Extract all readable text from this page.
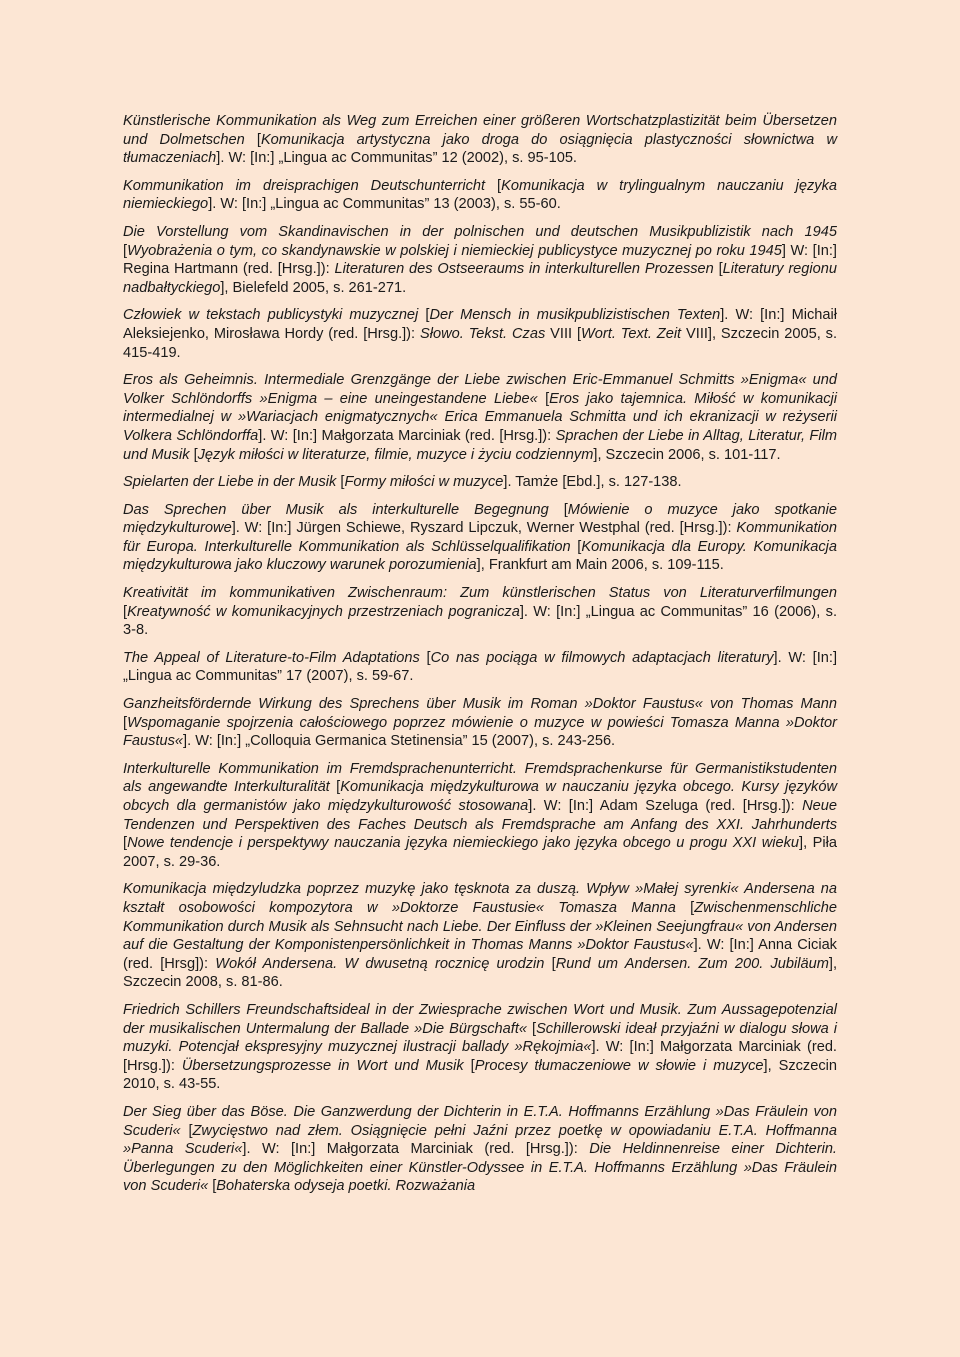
Künstlerische Kommunikation als Weg zum Erreichen einer größeren Wortschatzplastizität beim Übersetzen und Dolmetschen [Komunikacja artystyczna jako droga do osiągnięcia plastyczności słownictwa w tłumaczeniach]. W: [In:] „Lingua ac Communitas” 12 (2002), s. 95-105.

Kommunikation im dreisprachigen Deutschunterricht [Komunikacja w trylingualnym nauczaniu języka niemieckiego]. W: [In:] „Lingua ac Communitas” 13 (2003), s. 55-60.

Die Vorstellung vom Skandinavischen in der polnischen und deutschen Musikpublizistik nach 1945 [Wyobrażenia o tym, co skandynawskie w polskiej i niemieckiej publicystyce muzycznej po roku 1945] W: [In:] Regina Hartmann (red. [Hrsg.]): Literaturen des Ostseeraums in interkulturellen Prozessen [Literatury regionu nadbałtyckiego], Bielefeld 2005, s. 261-271.

Człowiek w tekstach publicystyki muzycznej [Der Mensch in musikpublizistischen Texten]. W: [In:] Michaił Aleksiejenko, Mirosława Hordy (red. [Hrsg.]): Słowo. Tekst. Czas VIII [Wort. Text. Zeit VIII], Szczecin 2005, s. 415-419.

Eros als Geheimnis. Intermediale Grenzgänge der Liebe zwischen Eric-Emmanuel Schmitts »Enigma« und Volker Schlöndorffs »Enigma – eine uneingestandene Liebe« [Eros jako tajemnica. Miłość w komunikacji intermedialnej w »Wariacjach enigmatycznych« Erica Emmanuela Schmitta und ich ekranizacji w reżyserii Volkera Schlöndorffa]. W: [In:] Małgorzata Marciniak (red. [Hrsg.]): Sprachen der Liebe in Alltag, Literatur, Film und Musik [Język miłości w literaturze, filmie, muzyce i życiu codziennym], Szczecin 2006, s. 101-117.

Spielarten der Liebe in der Musik [Formy miłości w muzyce]. Tamże [Ebd.], s. 127-138.

Das Sprechen über Musik als interkulturelle Begegnung [Mówienie o muzyce jako spotkanie międzykulturowe]. W: [In:] Jürgen Schiewe, Ryszard Lipczuk, Werner Westphal (red. [Hrsg.]): Kommunikation für Europa. Interkulturelle Kommunikation als Schlüsselqualifikation [Komunikacja dla Europy. Komunikacja międzykulturowa jako kluczowy warunek porozumienia], Frankfurt am Main 2006, s. 109-115.

Kreativität im kommunikativen Zwischenraum: Zum künstlerischen Status von Literaturverfilmungen [Kreatywność w komunikacyjnych przestrzeniach pogranicza]. W: [In:] „Lingua ac Communitas” 16 (2006), s. 3-8.

The Appeal of Literature-to-Film Adaptations [Co nas pociąga w filmowych adaptacjach literatury]. W: [In:] „Lingua ac Communitas” 17 (2007), s. 59-67.

Ganzheitsfördernde Wirkung des Sprechens über Musik im Roman »Doktor Faustus« von Thomas Mann [Wspomaganie spojrzenia całościowego poprzez mówienie o muzyce w powieści Tomasza Manna »Doktor Faustus«]. W: [In:] „Colloquia Germanica Stetinensia” 15 (2007), s. 243-256.

Interkulturelle Kommunikation im Fremdsprachenunterricht. Fremdsprachenkurse für Germanistikstudenten als angewandte Interkulturalität [Komunikacja międzykulturowa w nauczaniu języka obcego. Kursy języków obcych dla germanistów jako międzykulturowość stosowana]. W: [In:] Adam Szeluga (red. [Hrsg.]): Neue Tendenzen und Perspektiven des Faches Deutsch als Fremdsprache am Anfang des XXI. Jahrhunderts [Nowe tendencje i perspektywy nauczania języka niemieckiego jako języka obcego u progu XXI wieku], Piła 2007, s. 29-36.

Komunikacja międzyludzka poprzez muzykę jako tęsknota za duszą. Wpływ »Małej syrenki« Andersena na kształt osobowości kompozytora w »Doktorze Faustusie« Tomasza Manna [Zwischenmenschliche Kommunikation durch Musik als Sehnsucht nach Liebe. Der Einfluss der »Kleinen Seejungfrau« von Andersen auf die Gestaltung der Komponistenpersönlichkeit in Thomas Manns »Doktor Faustus«]. W: [In:] Anna Ciciak (red. [Hrsg]): Wokół Andersena. W dwusetną rocznicę urodzin [Rund um Andersen. Zum 200. Jubiläum], Szczecin 2008, s. 81-86.

Friedrich Schillers Freundschaftsideal in der Zwiesprache zwischen Wort und Musik. Zum Aussagepotenzial der musikalischen Untermalung der Ballade »Die Bürgschaft« [Schillerowski ideał przyjaźni w dialogu słowa i muzyki. Potencjał ekspresyjny muzycznej ilustracji ballady »Rękojmia«]. W: [In:] Małgorzata Marciniak (red. [Hrsg.]): Übersetzungsprozesse in Wort und Musik [Procesy tłumaczeniowe w słowie i muzyce], Szczecin 2010, s. 43-55.

Der Sieg über das Böse. Die Ganzwerdung der Dichterin in E.T.A. Hoffmanns Erzählung »Das Fräulein von Scuderi« [Zwycięstwo nad złem. Osiągnięcie pełni Jaźni przez poetkę w opowiadaniu E.T.A. Hoffmanna »Panna Scuderi«]. W: [In:] Małgorzata Marciniak (red. [Hrsg.]): Die Heldinnenreise einer Dichterin. Überlegungen zu den Möglichkeiten einer Künstler-Odyssee in E.T.A. Hoffmanns Erzählung »Das Fräulein von Scuderi« [Bohaterska odyseja poetki. Rozważania
